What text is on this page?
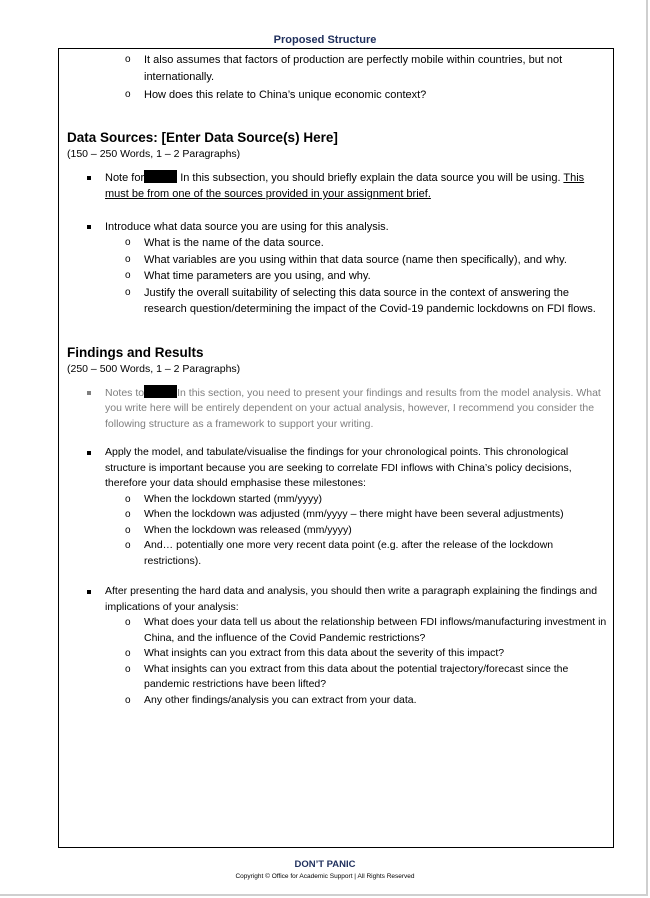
Proposed Structure
o It also assumes that factors of production are perfectly mobile within countries, but not internationally.
o How does this relate to China’s unique economic context?
Data Sources: [Enter Data Source(s) Here]
(150 – 250 Words, 1 – 2 Paragraphs)
Note for	In this subsection, you should briefly explain the data source you will be using. This must be from one of the sources provided in your assignment brief.
Introduce what data source you are using for this analysis.
o What is the name of the data source.
o What variables are you using within that data source (name then specifically), and why.
o What time parameters are you using, and why.
o Justify the overall suitability of selecting this data source in the context of answering the research question/determining the impact of the Covid-19 pandemic lockdowns on FDI flows.
Findings and Results
(250 – 500 Words, 1 – 2 Paragraphs)
Notes to	In this section, you need to present your findings and results from the model analysis. What you write here will be entirely dependent on your actual analysis, however, I recommend you consider the following structure as a framework to support your writing.
Apply the model, and tabulate/visualise the findings for your chronological points. This chronological structure is important because you are seeking to correlate FDI inflows with China’s policy decisions, therefore your data should emphasise these milestones:
o When the lockdown started (mm/yyyy)
o When the lockdown was adjusted (mm/yyyy – there might have been several adjustments)
o When the lockdown was released (mm/yyyy)
o And… potentially one more very recent data point (e.g. after the release of the lockdown restrictions).
After presenting the hard data and analysis, you should then write a paragraph explaining the findings and implications of your analysis:
o What does your data tell us about the relationship between FDI inflows/manufacturing investment in China, and the influence of the Covid Pandemic restrictions?
o What insights can you extract from this data about the severity of this impact?
o What insights can you extract from this data about the potential trajectory/forecast since the pandemic restrictions have been lifted?
o Any other findings/analysis you can extract from your data.
DON’T PANIC
Copyright © Office for Academic Support | All Rights Reserved
